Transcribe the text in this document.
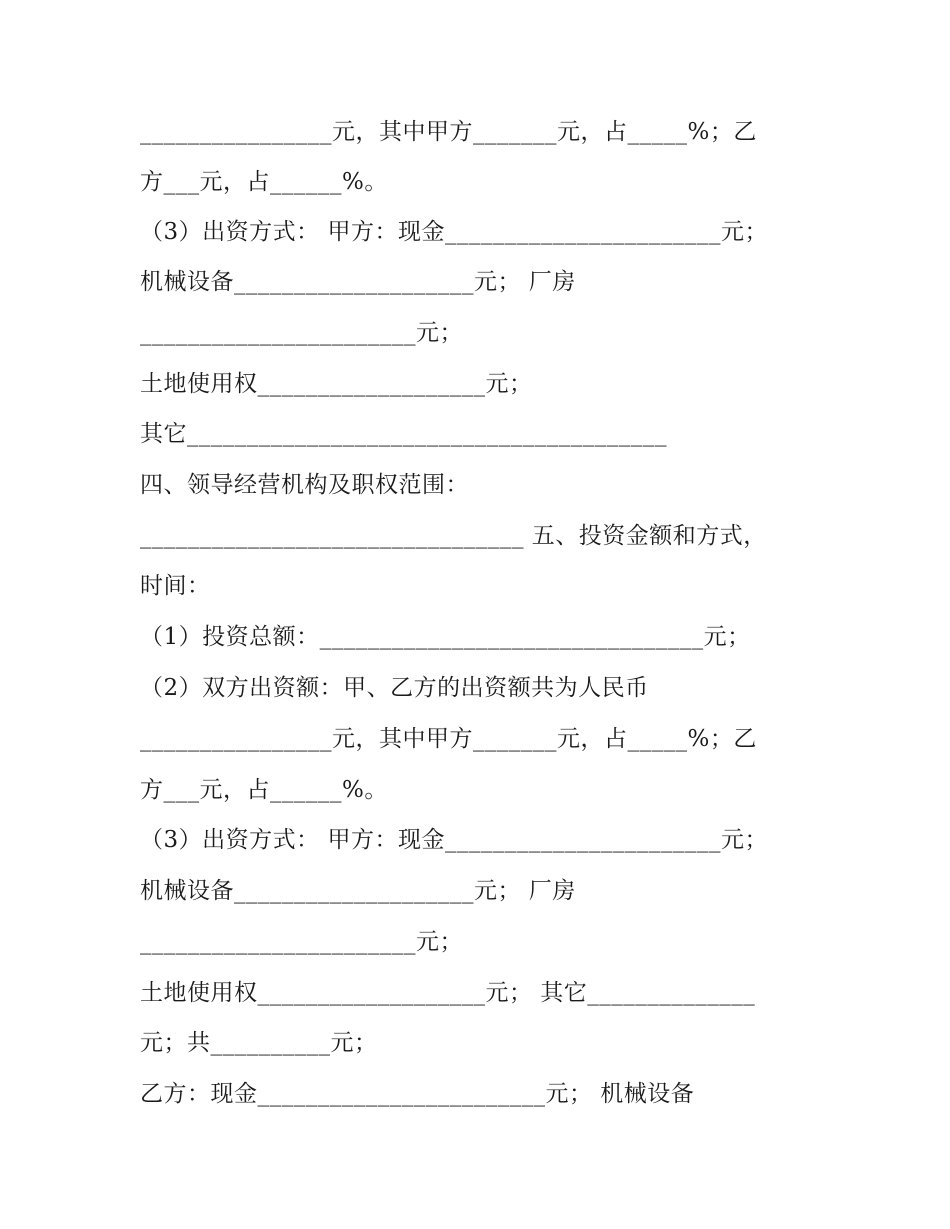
________________元，其中甲方_______元，占_____%；乙
方___元，占______%。
（3）出资方式： 甲方：现金_______________________元；
机械设备____________________元； 厂房
_______________________元；
土地使用权___________________元；
其它________________________________________
四、领导经营机构及职权范围：
________________________________ 五、投资金额和方式，
时间：
（1）投资总额：________________________________元；
（2）双方出资额：甲、乙方的出资额共为人民币
________________元，其中甲方_______元，占_____%；乙
方___元，占______%。
（3）出资方式： 甲方：现金_______________________元；
机械设备____________________元； 厂房
_______________________元；
土地使用权___________________元； 其它______________
元；共__________元；
乙方：现金________________________元； 机械设备
